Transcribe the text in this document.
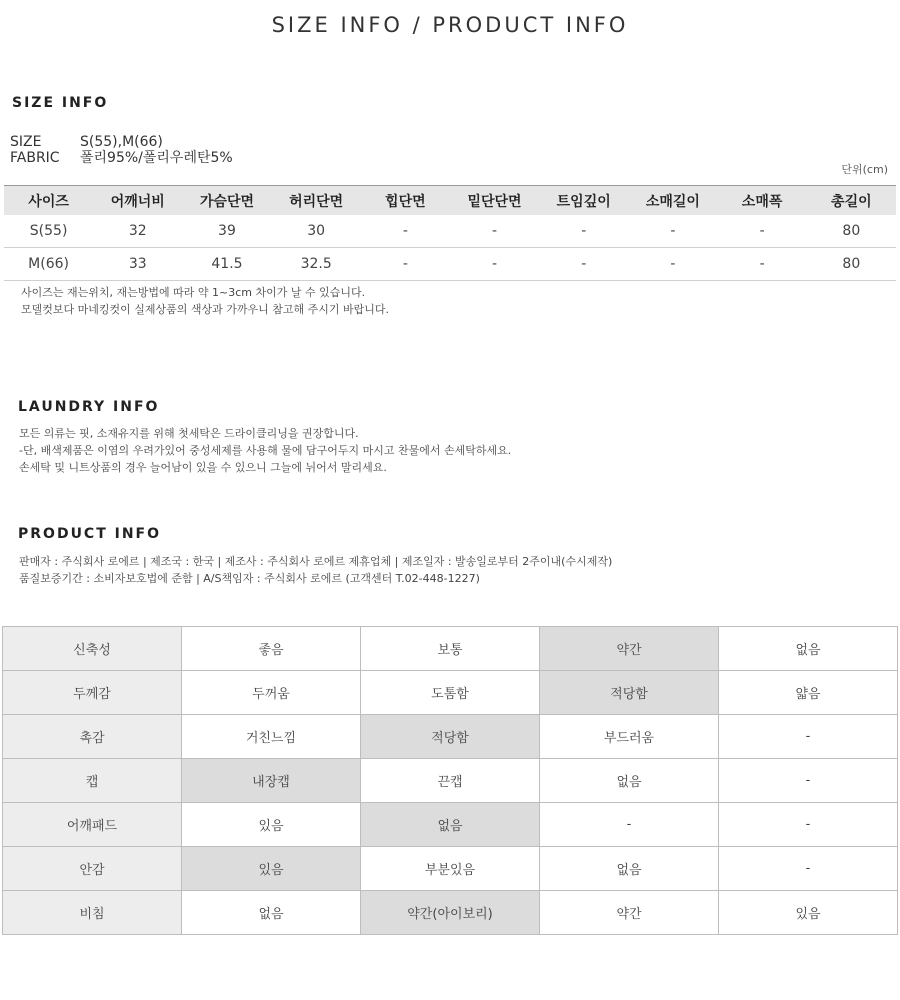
SIZE INFO / PRODUCT INFO
SIZE INFO
SIZE	S(55),M(66)
FABRIC 폴리95%/폴리우레탄5%
단위(cm)
사이즈	어깨너비	가슴단면	허리단면	힙단면	밑단단면	트임깊이	소매길이	소매폭	총길이
S(55)	32	39	30	-	-	-	-	-	80
M(66)	33	41.5	32.5	-	-	-	-	-	80
사이즈는 재는위치, 재는방법에 따라 약 1~3cm 차이가 날 수 있습니다.
모델컷보다 마네킹컷이 실제상품의 색상과 가까우니 참고해 주시기 바랍니다.
LAUNDRY INFO
모든 의류는 핏, 소재유지를 위해 첫세탁은 드라이클리닝을 권장합니다.
-단, 배색제품은 이염의 우려가있어 중성세제를 사용해 물에 담구어두지 마시고 찬물에서 손세탁하세요.
손세탁 및 니트상품의 경우 늘어남이 있을 수 있으니 그늘에 뉘어서 말리세요.
PRODUCT INFO
판매자 : 주식회사 로에르 | 제조국 : 한국 | 제조사 : 주식회사 로에르 제휴업체 | 제조일자 : 발송일로부터 2주이내(수시제작)
품질보증기간 : 소비자보호법에 준함 | A/S책임자 : 주식회사 로에르 (고객센터 T.02-448-1227)
신축성	좋음	보통	약간	없음
두께감	두꺼움	도톰함	적당함	얇음
촉감	거친느낌	적당함	부드러움	-
캡	내장캡	끈캡	없음	-
어깨패드	있음	없음	-	-
안감	있음	부분있음	없음	-
비침	없음	약간(아이보리)	약간	있음
